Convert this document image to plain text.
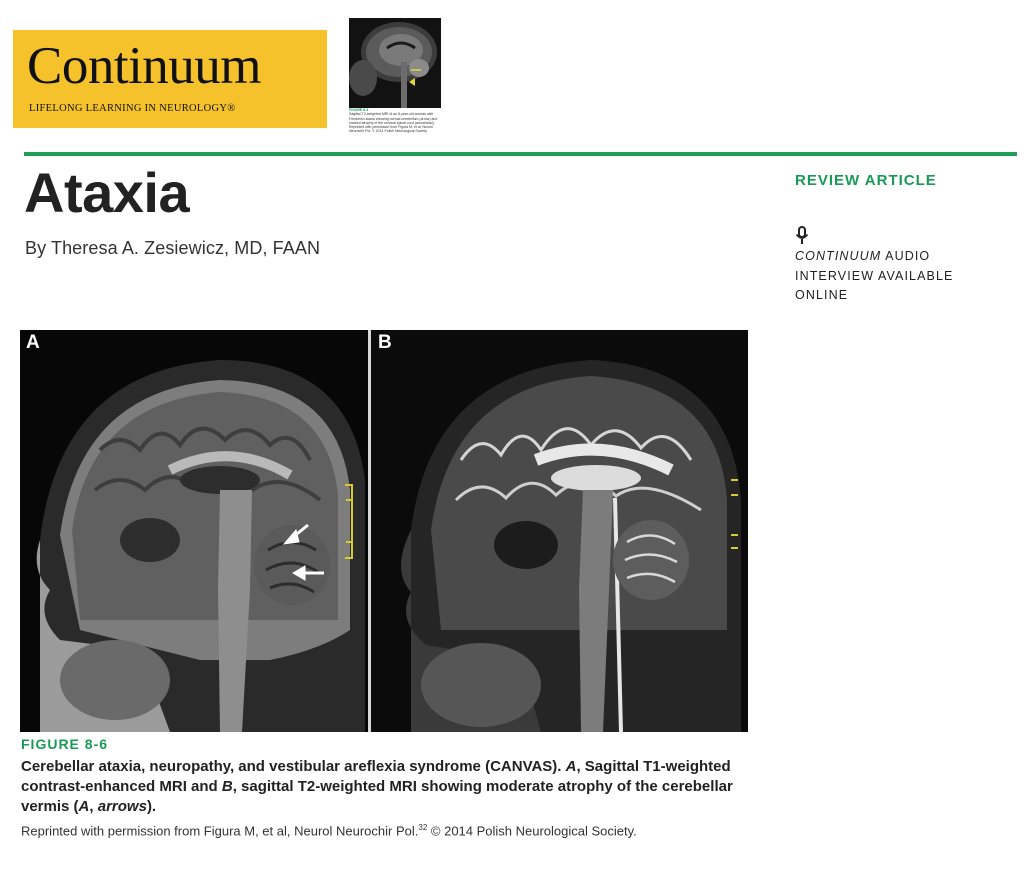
Continuum
LIFELONG LEARNING IN NEUROLOGY®	FIGURE 8-4
Sagittal T2-weighted MRI of an 8-year-old woman with Friedreich ataxia showing normal cerebellum (arrow) and marked atrophy of the cervical spinal cord (arrowhead).
Reprinted with permission from Figura M, et al, Neurol Neurochir Pol. © 2014 Polish Neurological Society.
Ataxia
By Theresa A. Zesiewicz, MD, FAAN
REVIEW ARTICLE
CONTINUUM AUDIO
INTERVIEW AVAILABLE
ONLINE
A	B
FIGURE 8-6
Cerebellar ataxia, neuropathy, and vestibular areflexia syndrome (CANVAS). A, Sagittal T1-weighted contrast-enhanced MRI and B, sagittal T2-weighted MRI showing moderate atrophy of the cerebellar vermis (A, arrows).
Reprinted with permission from Figura M, et al, Neurol Neurochir Pol.$^{32}$ © 2014 Polish Neurological Society.
